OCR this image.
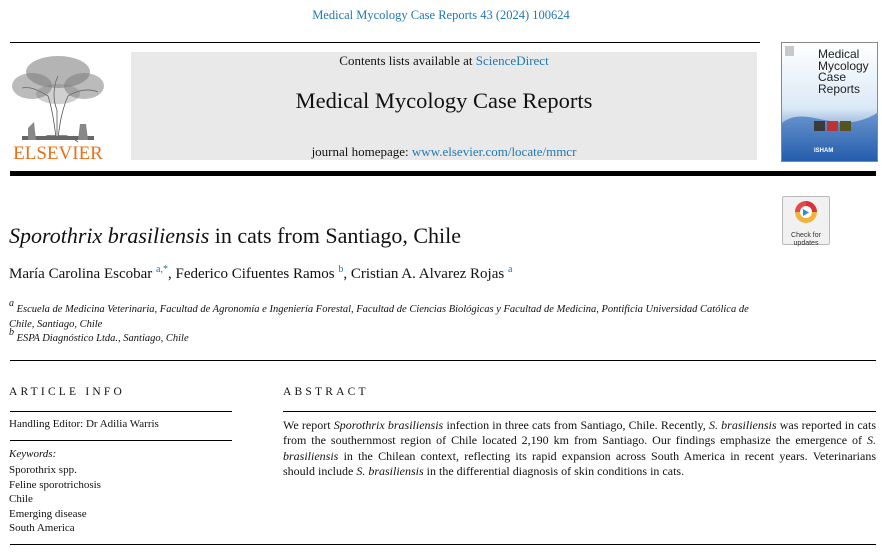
Medical Mycology Case Reports 43 (2024) 100624
ELSEVIER
Contents lists available at ScienceDirect
Medical Mycology Case Reports
journal homepage: www.elsevier.com/locate/mmcr
Medical
Mycology
Case
Reports
ISHAM
Check for
updates
Sporothrix brasiliensis in cats from Santiago, Chile
María Carolina Escobar $^{a,*}$, Federico Cifuentes Ramos $^b$, Cristian A. Alvarez Rojas $^a$
$^a$ Escuela de Medicina Veterinaria, Facultad de Agronomía e Ingeniería Forestal, Facultad de Ciencias Biológicas y Facultad de Medicina, Pontificia Universidad Católica de Chile, Santiago, Chile
$^b$ ESPA Diagnóstico Ltda., Santiago, Chile
ARTICLE INFO
Handling Editor: Dr Adilia Warris
Keywords:
Sporothrix spp.
Feline sporotrichosis
Chile
Emerging disease
South America
ABSTRACT

We report Sporothrix brasiliensis infection in three cats from Santiago, Chile. Recently, S. brasiliensis was reported in cats from the southernmost region of Chile located 2,190 km from Santiago. Our findings emphasize the emergence of S. brasiliensis in the Chilean context, reflecting its rapid expansion across South America in recent years. Veterinarians should include S. brasiliensis in the differential diagnosis of skin conditions in cats.
